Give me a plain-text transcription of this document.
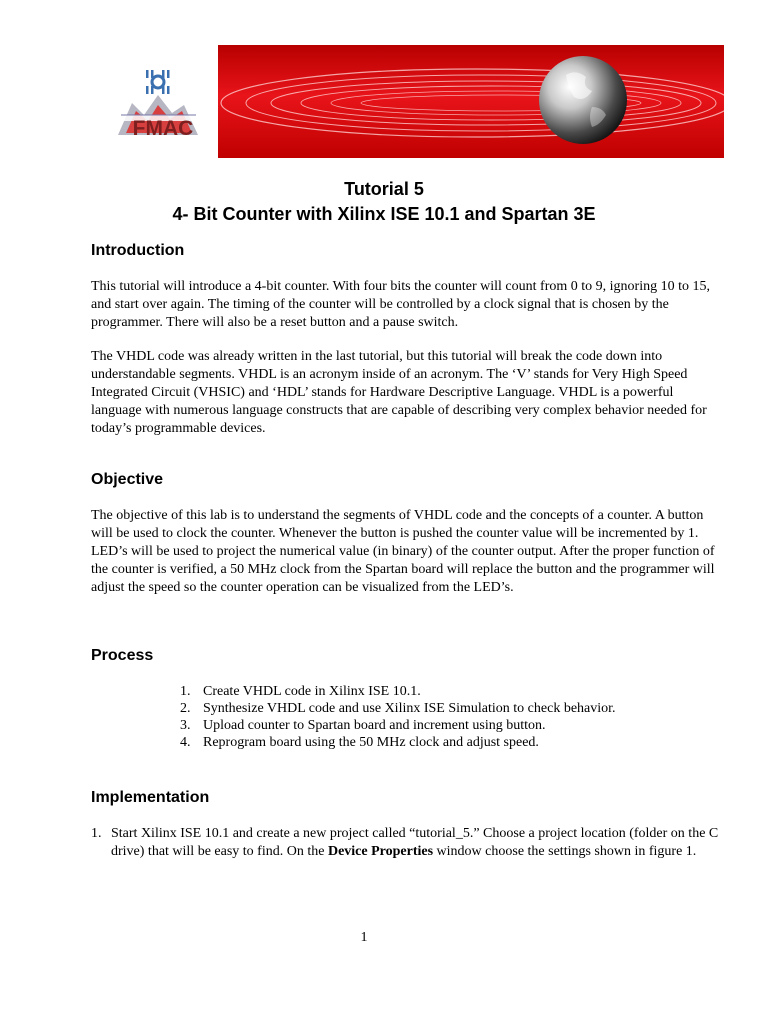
FMAC
Tutorial 5
4- Bit Counter with Xilinx ISE 10.1 and Spartan 3E
Introduction

This tutorial will introduce a 4-bit counter. With four bits the counter will count from 0 to 9, ignoring 10 to 15, and start over again. The timing of the counter will be controlled by a clock signal that is chosen by the programmer. There will also be a reset button and a pause switch.

The VHDL code was already written in the last tutorial, but this tutorial will break the code down into understandable segments. VHDL is an acronym inside of an acronym. The ‘V’ stands for Very High Speed Integrated Circuit (VHSIC) and ‘HDL’ stands for Hardware Descriptive Language. VHDL is a powerful language with numerous language constructs that are capable of describing very complex behavior needed for today’s programmable devices.

Objective

The objective of this lab is to understand the segments of VHDL code and the concepts of a counter. A button will be used to clock the counter. Whenever the button is pushed the counter value will be incremented by 1. LED’s will be used to project the numerical value (in binary) of the counter output. After the proper function of the counter is verified, a 50 MHz clock from the Spartan board will replace the button and the programmer will adjust the speed so the counter operation can be visualized from the LED’s.

Process
1. Create VHDL code in Xilinx ISE 10.1.
2. Synthesize VHDL code and use Xilinx ISE Simulation to check behavior.
3. Upload counter to Spartan board and increment using button.
4. Reprogram board using the 50 MHz clock and adjust speed.
Implementation
1. Start Xilinx ISE 10.1 and create a new project called “tutorial_5.” Choose a project location (folder on the C drive) that will be easy to find. On the Device Properties window choose the settings shown in figure 1.
1
